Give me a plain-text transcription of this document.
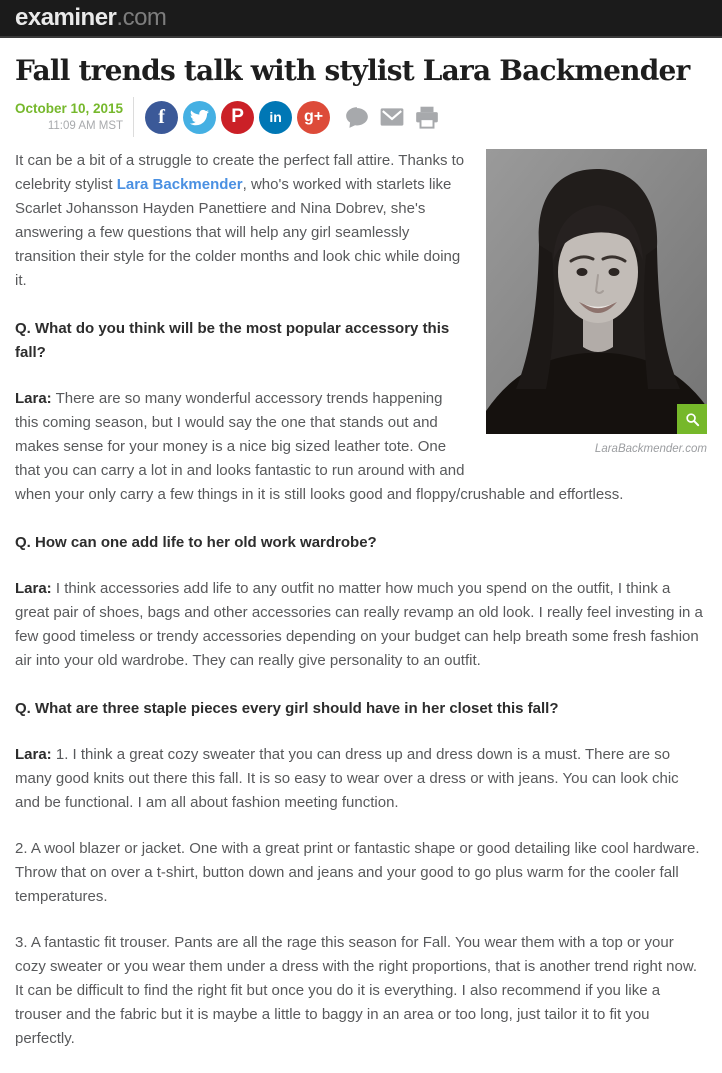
examiner.com
Fall trends talk with stylist Lara Backmender
October 10, 2015
11:09 AM MST f	P in g+
LaraBackmender.com

It can be a bit of a struggle to create the perfect fall attire. Thanks to celebrity stylist Lara Backmender, who's worked with starlets like Scarlet Johansson Hayden Panettiere and Nina Dobrev, she's answering a few questions that will help any girl seamlessly transition their style for the colder months and look chic while doing it.

Q. What do you think will be the most popular accessory this fall?

Lara: There are so many wonderful accessory trends happening this coming season, but I would say the one that stands out and makes sense for your money is a nice big sized leather tote. One that you can carry a lot in and looks fantastic to run around with and when your only carry a few things in it is still looks good and floppy/crushable and effortless.

Q. How can one add life to her old work wardrobe?

Lara: I think accessories add life to any outfit no matter how much you spend on the outfit, I think a great pair of shoes, bags and other accessories can really revamp an old look. I really feel investing in a few good timeless or trendy accessories depending on your budget can help breath some fresh fashion air into your old wardrobe. They can really give personality to an outfit.

Q. What are three staple pieces every girl should have in her closet this fall?

Lara: 1. I think a great cozy sweater that you can dress up and dress down is a must. There are so many good knits out there this fall. It is so easy to wear over a dress or with jeans. You can look chic and be functional. I am all about fashion meeting function.

2. A wool blazer or jacket. One with a great print or fantastic shape or good detailing like cool hardware. Throw that on over a t-shirt, button down and jeans and your good to go plus warm for the cooler fall temperatures.

3. A fantastic fit trouser. Pants are all the rage this season for Fall. You wear them with a top or your cozy sweater or you wear them under a dress with the right proportions, that is another trend right now. It can be difficult to find the right fit but once you do it is everything. I also recommend if you like a trouser and the fabric but it is maybe a little to baggy in an area or too long, just tailor it to fit you perfectly.
